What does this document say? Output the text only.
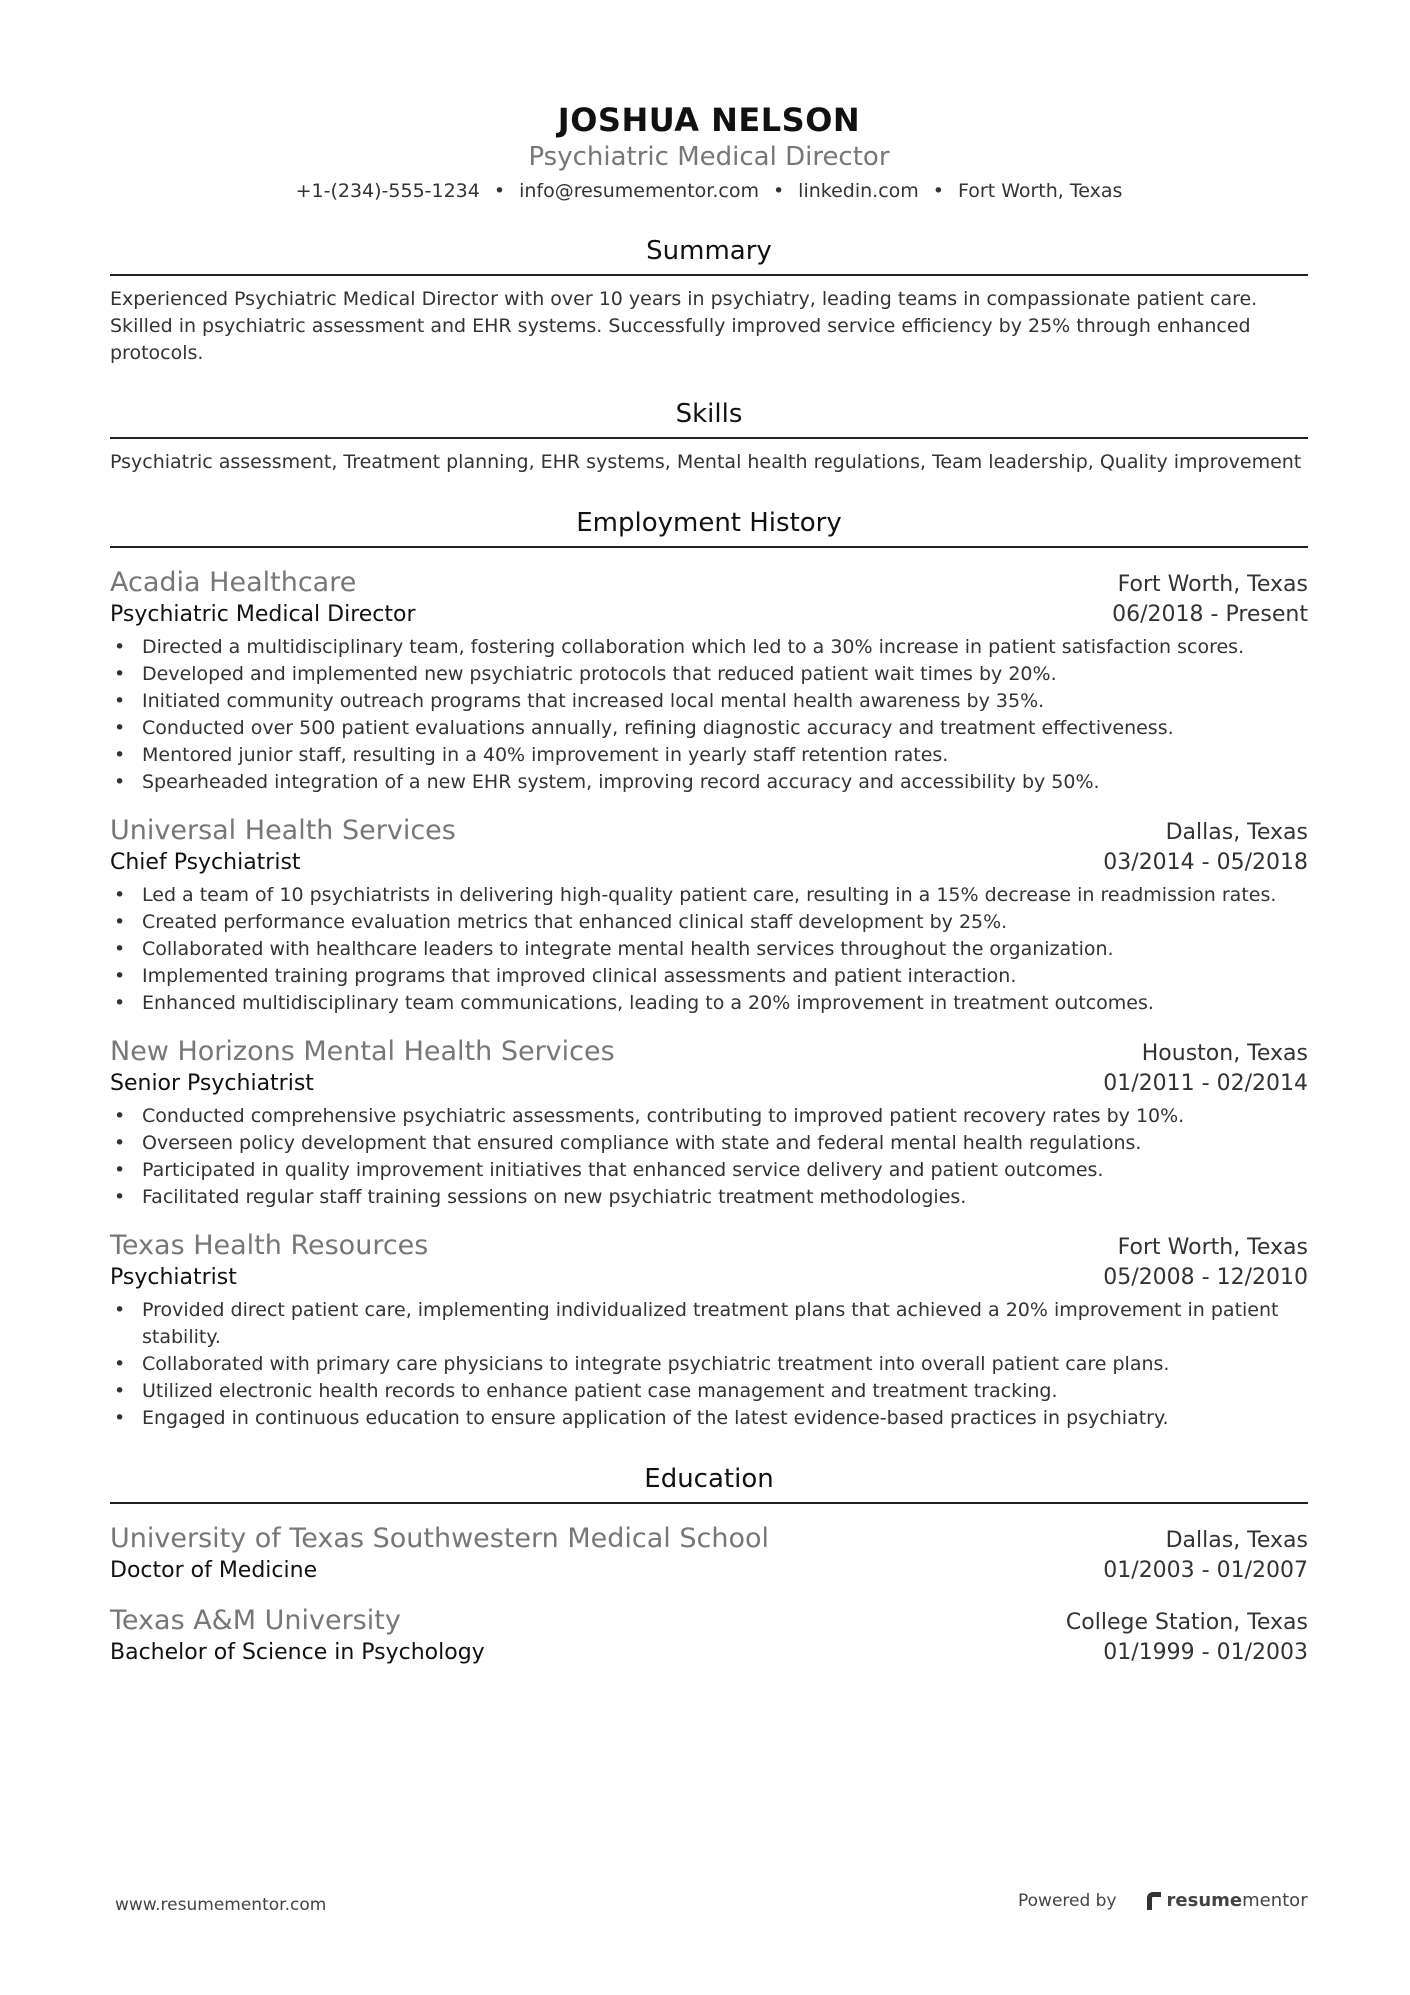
JOSHUA NELSON
Psychiatric Medical Director
+1-(234)-555-1234 • info@resumementor.com • linkedin.com • Fort Worth, Texas
Summary
Experienced Psychiatric Medical Director with over 10 years in psychiatry, leading teams in compassionate patient care. Skilled in psychiatric assessment and EHR systems. Successfully improved service efficiency by 25% through enhanced protocols.
Skills
Psychiatric assessment, Treatment planning, EHR systems, Mental health regulations, Team leadership, Quality improvement
Employment History
Acadia Healthcare	Fort Worth, Texas
Psychiatric Medical Director	06/2018 - Present
• Directed a multidisciplinary team, fostering collaboration which led to a 30% increase in patient satisfaction scores.
• Developed and implemented new psychiatric protocols that reduced patient wait times by 20%.
• Initiated community outreach programs that increased local mental health awareness by 35%.
• Conducted over 500 patient evaluations annually, refining diagnostic accuracy and treatment effectiveness.
• Mentored junior staff, resulting in a 40% improvement in yearly staff retention rates.
• Spearheaded integration of a new EHR system, improving record accuracy and accessibility by 50%.
Universal Health Services	Dallas, Texas
Chief Psychiatrist	03/2014 - 05/2018
• Led a team of 10 psychiatrists in delivering high-quality patient care, resulting in a 15% decrease in readmission rates.
• Created performance evaluation metrics that enhanced clinical staff development by 25%.
• Collaborated with healthcare leaders to integrate mental health services throughout the organization.
• Implemented training programs that improved clinical assessments and patient interaction.
• Enhanced multidisciplinary team communications, leading to a 20% improvement in treatment outcomes.
New Horizons Mental Health Services	Houston, Texas
Senior Psychiatrist	01/2011 - 02/2014
• Conducted comprehensive psychiatric assessments, contributing to improved patient recovery rates by 10%.
• Overseen policy development that ensured compliance with state and federal mental health regulations.
• Participated in quality improvement initiatives that enhanced service delivery and patient outcomes.
• Facilitated regular staff training sessions on new psychiatric treatment methodologies.
Texas Health Resources	Fort Worth, Texas
Psychiatrist	05/2008 - 12/2010
• Provided direct patient care, implementing individualized treatment plans that achieved a 20% improvement in patient stability.
• Collaborated with primary care physicians to integrate psychiatric treatment into overall patient care plans.
• Utilized electronic health records to enhance patient case management and treatment tracking.
• Engaged in continuous education to ensure application of the latest evidence-based practices in psychiatry.
Education
University of Texas Southwestern Medical School	Dallas, Texas
Doctor of Medicine	01/2003 - 01/2007
Texas A&M University	College Station, Texas
Bachelor of Science in Psychology	01/1999 - 01/2003
www.resumementor.com	Powered by	resume mentor
